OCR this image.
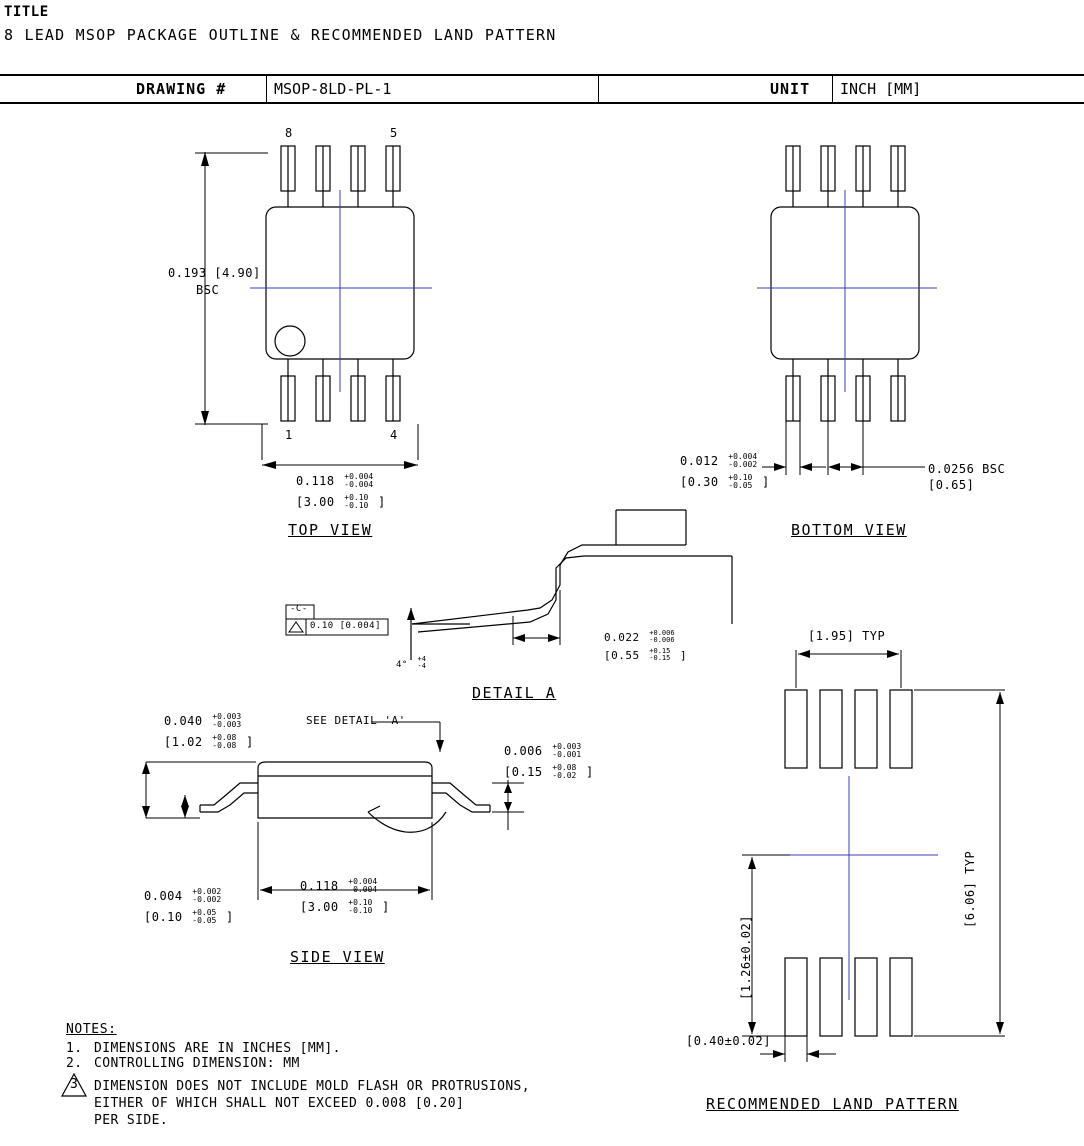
TITLE
8 LEAD MSOP PACKAGE OUTLINE & RECOMMENDED LAND PATTERN
DRAWING #	MSOP-8LD-PL-1	UNIT INCH [MM]
8	5
1	4
0.193 [4.90]
BSC
0.118 +0.004
-0.004
[3.00 +0.10
-0.10 ]
TOP VIEW
0.012 +0.004
-0.002
[0.30 +0.10
-0.05 ]
0.0256 BSC
[0.65]
BOTTOM VIEW
-C-
0.10 [0.004]
4°
+4
-4
0.022 +0.006
-0.006
[0.55 +0.15
-0.15 ]
DETAIL A
SEE DETAIL 'A'
0.040 +0.003
-0.003
[1.02 +0.08
-0.08 ]
0.006 +0.003
-0.001
[0.15 +0.08
-0.02 ]
0.004 +0.002
-0.002
[0.10 +0.05
-0.05 ]
0.118 +0.004
-0.004
[3.00 +0.10
-0.10 ]
SIDE VIEW
[1.95] TYP
[6.06] TYP
[1.26±0.02]
[0.40±0.02]
RECOMMENDED LAND PATTERN
NOTES:
1. DIMENSIONS ARE IN INCHES [MM].
2. CONTROLLING DIMENSION: MM
3 DIMENSION DOES NOT INCLUDE MOLD FLASH OR PROTRUSIONS,
EITHER OF WHICH SHALL NOT EXCEED 0.008 [0.20]
PER SIDE.
